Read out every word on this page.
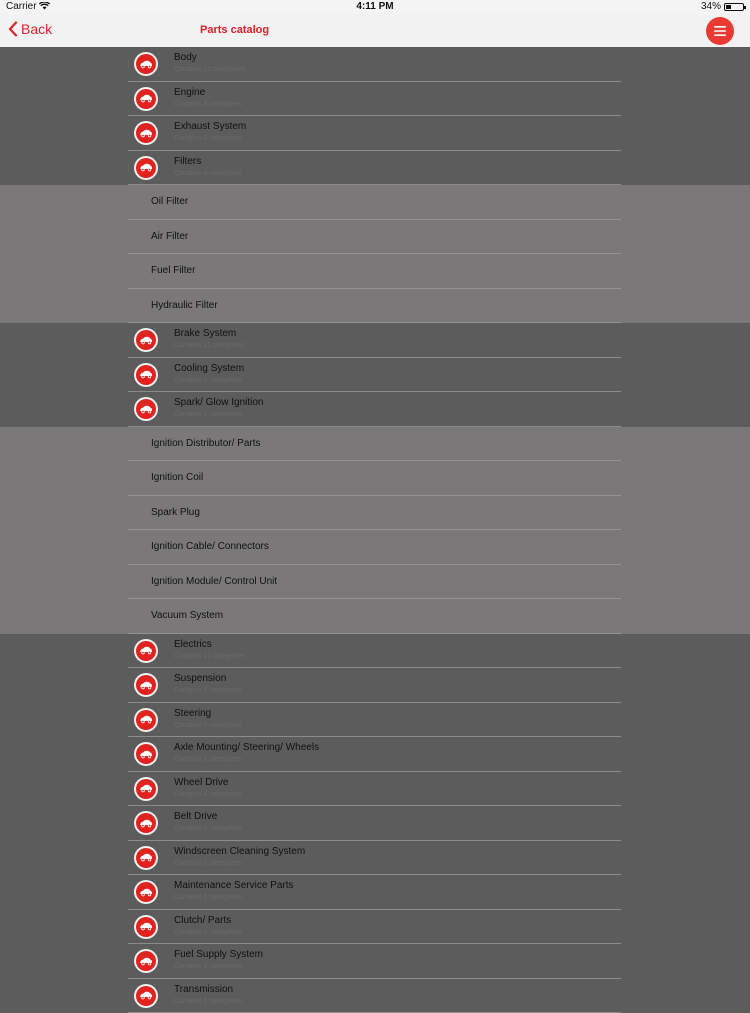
Carrier	4:11 PM	34%
Back	Parts catalog
Body
Contains 11 categories
Engine
Contains 8 categories
Exhaust System
Contains 3 categories
Filters
Contains 4 categories
Oil Filter
Air Filter
Fuel Filter
Hydraulic Filter
Brake System
Contains 11 categories
Cooling System
Contains 6 categories
Spark/ Glow Ignition
Contains 6 categories
Ignition Distributor/ Parts
Ignition Coil
Spark Plug
Ignition Cable/ Connectors
Ignition Module/ Control Unit
Vacuum System
Electrics
Contains 10 categories
Suspension
Contains 6 categories
Steering
Contains 7 categories
Axle Mounting/ Steering/ Wheels
Contains 8 categories
Wheel Drive
Contains 4 categories
Belt Drive
Contains 5 categories
Windscreen Cleaning System
Contains 3 categories
Maintenance Service Parts
Contains 5 categories
Clutch/ Parts
Contains 3 categories
Fuel Supply System
Contains 4 categories
Transmission
Contains 5 categories
